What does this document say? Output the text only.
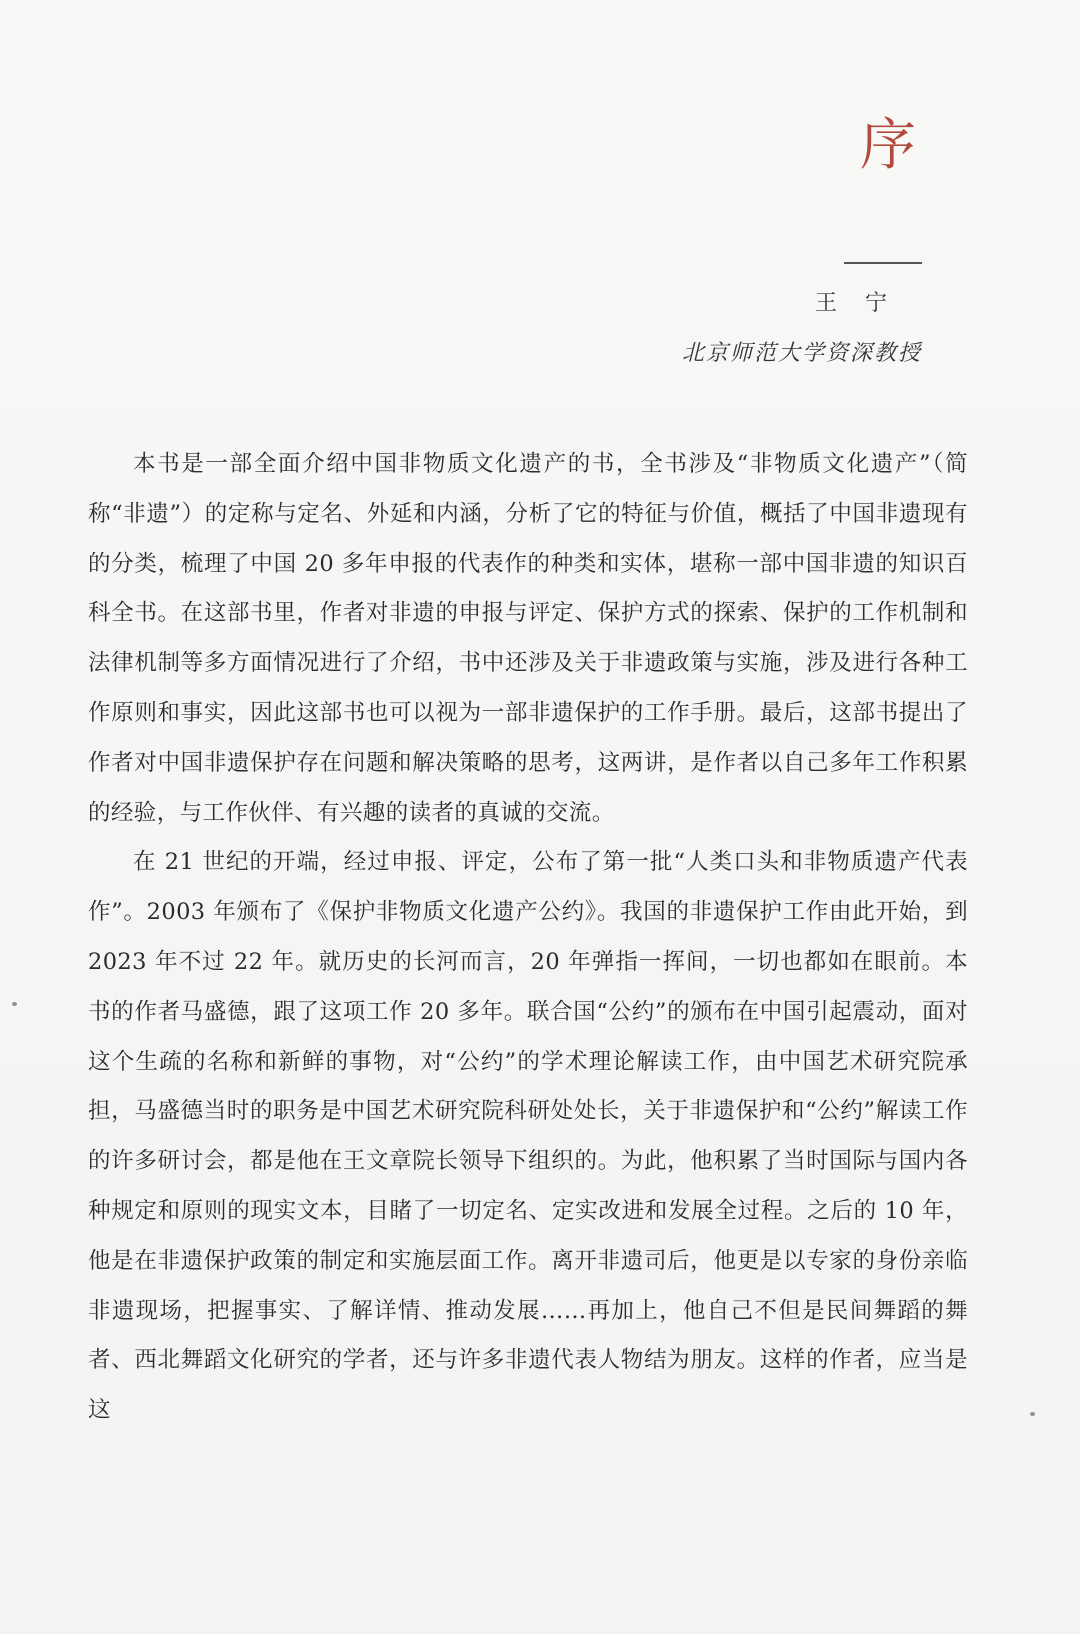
序
王宁
北京师范大学资深教授

本书是一部全面介绍中国非物质文化遗产的书，全书涉及“非物质文化遗产”（简称“非遗”）的定称与定名、外延和内涵，分析了它的特征与价值，概括了中国非遗现有的分类，梳理了中国 20 多年申报的代表作的种类和实体，堪称一部中国非遗的知识百科全书。在这部书里，作者对非遗的申报与评定、保护方式的探索、保护的工作机制和法律机制等多方面情况进行了介绍，书中还涉及关于非遗政策与实施，涉及进行各种工作原则和事实，因此这部书也可以视为一部非遗保护的工作手册。最后，这部书提出了作者对中国非遗保护存在问题和解决策略的思考，这两讲，是作者以自己多年工作积累的经验，与工作伙伴、有兴趣的读者的真诚的交流。

在 21 世纪的开端，经过申报、评定，公布了第一批“人类口头和非物质遗产代表作”。2003 年颁布了《保护非物质文化遗产公约》。我国的非遗保护工作由此开始，到 2023 年不过 22 年。就历史的长河而言，20 年弹指一挥间，一切也都如在眼前。本书的作者马盛德，跟了这项工作 20 多年。联合国“公约”的颁布在中国引起震动，面对这个生疏的名称和新鲜的事物，对“公约”的学术理论解读工作，由中国艺术研究院承担，马盛德当时的职务是中国艺术研究院科研处处长，关于非遗保护和“公约”解读工作的许多研讨会，都是他在王文章院长领导下组织的。为此，他积累了当时国际与国内各种规定和原则的现实文本，目睹了一切定名、定实改进和发展全过程。之后的 10 年，他是在非遗保护政策的制定和实施层面工作。离开非遗司后，他更是以专家的身份亲临非遗现场，把握事实、了解详情、推动发展……再加上，他自己不但是民间舞蹈的舞者、西北舞蹈文化研究的学者，还与许多非遗代表人物结为朋友。这样的作者，应当是这
